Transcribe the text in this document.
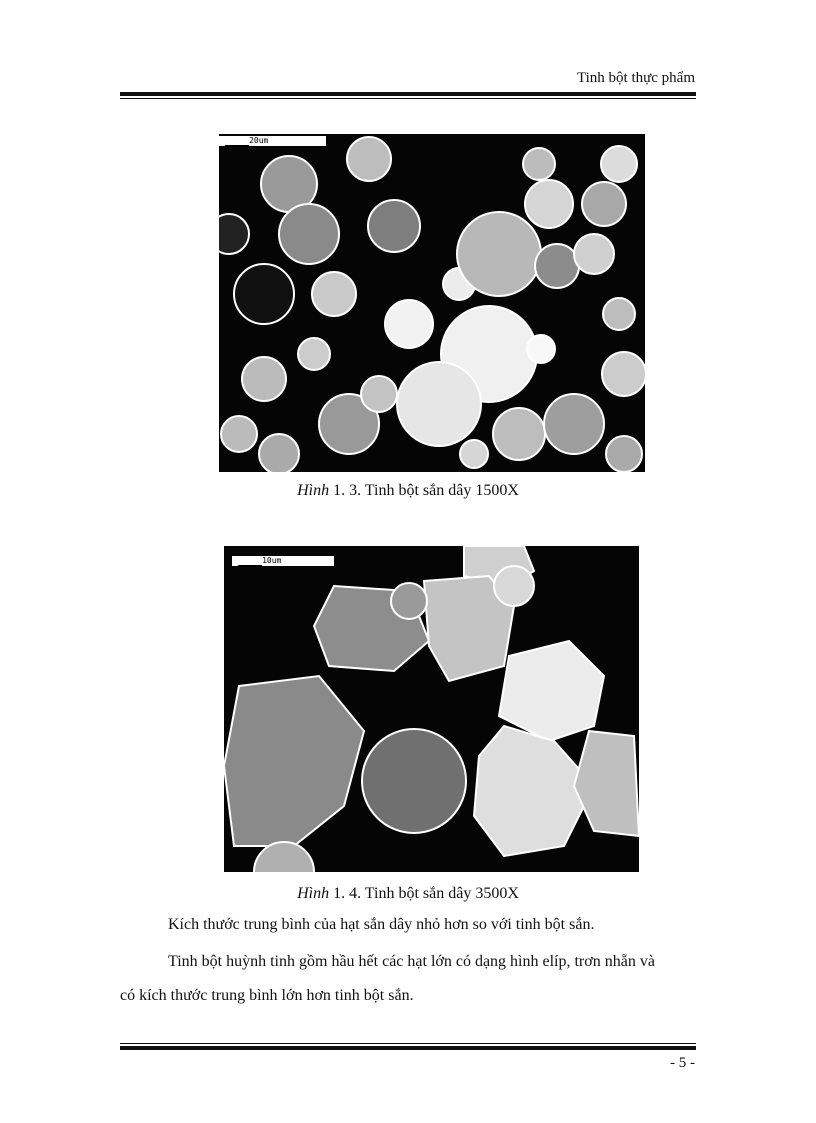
Tinh bột thực phẩm
20um
Hình 1. 3. Tinh bột sắn dây 1500X
10um
Hình 1. 4. Tinh bột sắn dây 3500X

Kích thước trung bình của hạt sắn dây nhỏ hơn so với tinh bột sắn.

Tinh bột huỳnh tinh gồm hầu hết các hạt lớn có dạng hình elíp, trơn nhẵn và

có kích thước trung bình lớn hơn tinh bột sắn.

- 5 -
